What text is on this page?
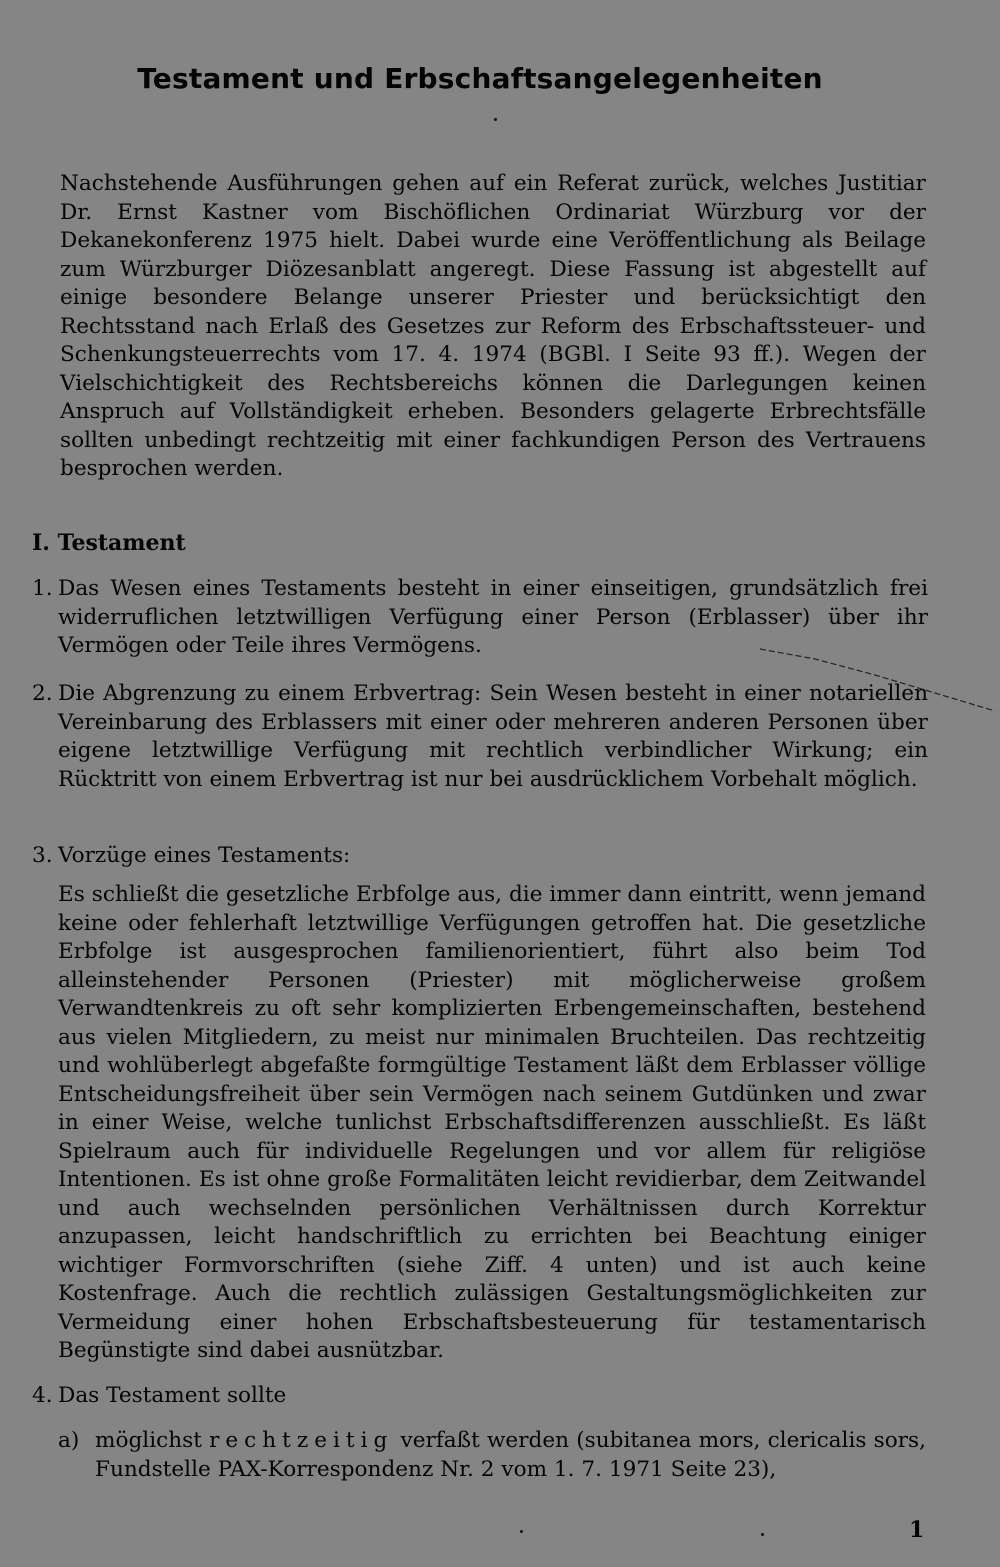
Testament und Erbschaftsangelegenheiten
Nachstehende Ausführungen gehen auf ein Referat zurück, welches Justitiar Dr. Ernst Kastner vom Bischöflichen Ordinariat Würzburg vor der Dekanekonferenz 1975 hielt. Dabei wurde eine Veröffentlichung als Beilage zum Würzburger Diözesanblatt angeregt. Diese Fassung ist abgestellt auf einige besondere Belange unserer Priester und berücksichtigt den Rechtsstand nach Erlaß des Gesetzes zur Reform des Erbschaftssteuer- und Schenkungsteuerrechts vom 17. 4. 1974 (BGBl. I Seite 93 ff.). Wegen der Vielschichtigkeit des Rechtsbereichs können die Darlegungen keinen Anspruch auf Vollständigkeit erheben. Besonders gelagerte Erbrechtsfälle sollten unbedingt rechtzeitig mit einer fachkundigen Person des Vertrauens besprochen werden.
I. Testament
1. Das Wesen eines Testaments besteht in einer einseitigen, grundsätzlich frei widerruflichen letztwilligen Verfügung einer Person (Erblasser) über ihr Vermögen oder Teile ihres Vermögens.
2. Die Abgrenzung zu einem Erbvertrag: Sein Wesen besteht in einer notariellen Vereinbarung des Erblassers mit einer oder mehreren anderen Personen über eigene letztwillige Verfügung mit rechtlich verbindlicher Wirkung; ein Rücktritt von einem Erbvertrag ist nur bei ausdrücklichem Vorbehalt möglich.
3. Vorzüge eines Testaments:
Es schließt die gesetzliche Erbfolge aus, die immer dann eintritt, wenn jemand keine oder fehlerhaft letztwillige Verfügungen getroffen hat. Die gesetzliche Erbfolge ist ausgesprochen familienorientiert, führt also beim Tod alleinstehender Personen (Priester) mit möglicherweise großem Verwandtenkreis zu oft sehr komplizierten Erbengemeinschaften, bestehend aus vielen Mitgliedern, zu meist nur minimalen Bruchteilen. Das rechtzeitig und wohlüberlegt abgefaßte formgültige Testament läßt dem Erblasser völlige Entscheidungsfreiheit über sein Vermögen nach seinem Gutdünken und zwar in einer Weise, welche tunlichst Erbschaftsdifferenzen ausschließt. Es läßt Spielraum auch für individuelle Regelungen und vor allem für religiöse Intentionen. Es ist ohne große Formalitäten leicht revidierbar, dem Zeitwandel und auch wechselnden persönlichen Verhältnissen durch Korrektur anzupassen, leicht handschriftlich zu errichten bei Beachtung einiger wichtiger Formvorschriften (siehe Ziff. 4 unten) und ist auch keine Kostenfrage. Auch die rechtlich zulässigen Gestaltungsmöglichkeiten zur Vermeidung einer hohen Erbschaftsbesteuerung für testamentarisch Begünstigte sind dabei ausnützbar.
4. Das Testament sollte
a) möglichst rechtzeitig verfaßt werden (subitanea mors, clericalis sors, Fundstelle PAX-Korrespondenz Nr. 2 vom 1. 7. 1971 Seite 23),
1
